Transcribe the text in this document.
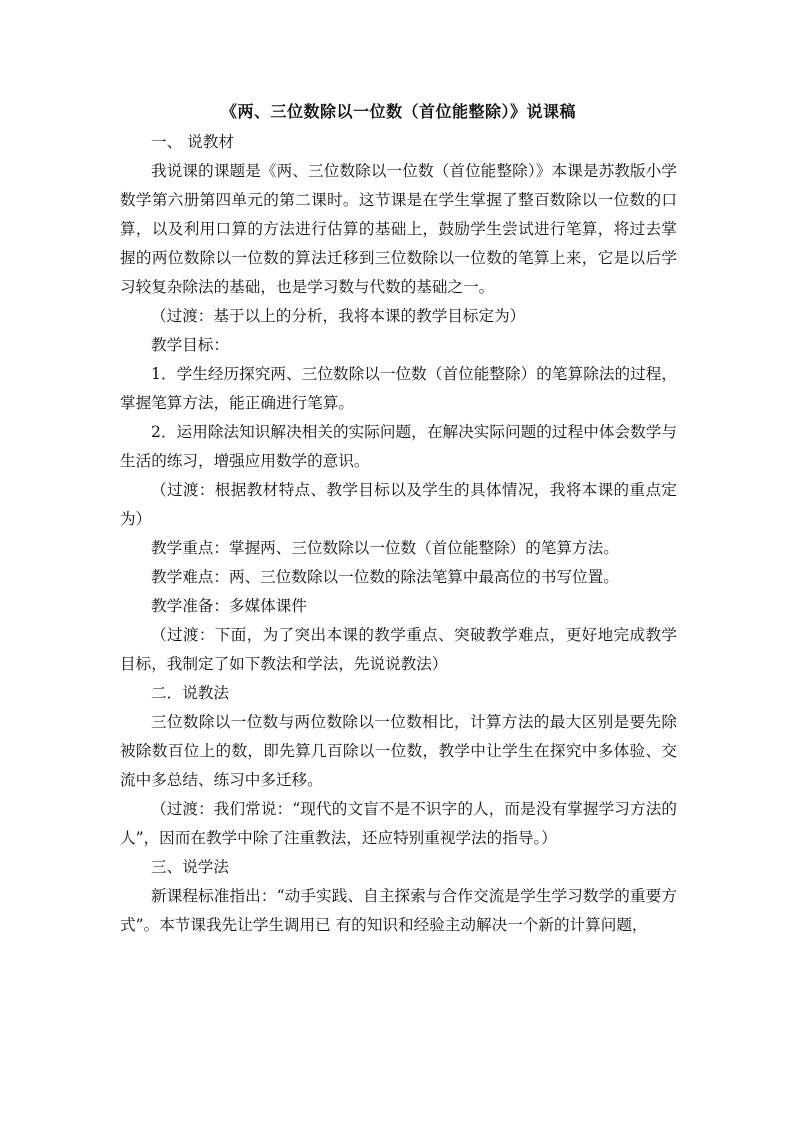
《两、三位数除以一位数（首位能整除）》说课稿

一、 说教材

我说课的课题是《两、三位数除以一位数（首位能整除）》本课是苏教版小学数学第六册第四单元的第二课时。这节课是在学生掌握了整百数除以一位数的口算，以及利用口算的方法进行估算的基础上，鼓励学生尝试进行笔算，将过去掌握的两位数除以一位数的算法迁移到三位数除以一位数的笔算上来，它是以后学习较复杂除法的基础，也是学习数与代数的基础之一。

（过渡：基于以上的分析，我将本课的教学目标定为）

教学目标：

1．学生经历探究两、三位数除以一位数（首位能整除）的笔算除法的过程，掌握笔算方法，能正确进行笔算。

2．运用除法知识解决相关的实际问题，在解决实际问题的过程中体会数学与生活的练习，增强应用数学的意识。

（过渡：根据教材特点、教学目标以及学生的具体情况，我将本课的重点定为）

教学重点：掌握两、三位数除以一位数（首位能整除）的笔算方法。

教学难点：两、三位数除以一位数的除法笔算中最高位的书写位置。

教学准备：多媒体课件

（过渡：下面，为了突出本课的教学重点、突破教学难点，更好地完成教学目标，我制定了如下教法和学法，先说说教法）

二．说教法

三位数除以一位数与两位数除以一位数相比，计算方法的最大区别是要先除被除数百位上的数，即先算几百除以一位数，教学中让学生在探究中多体验、交流中多总结、练习中多迁移。

（过渡：我们常说：“现代的文盲不是不识字的人，而是没有掌握学习方法的人”，因而在教学中除了注重教法，还应特别重视学法的指导。）

三、说学法

新课程标准指出：“动手实践、自主探索与合作交流是学生学习数学的重要方式”。本节课我先让学生调用已 有的知识和经验主动解决一个新的计算问题，
